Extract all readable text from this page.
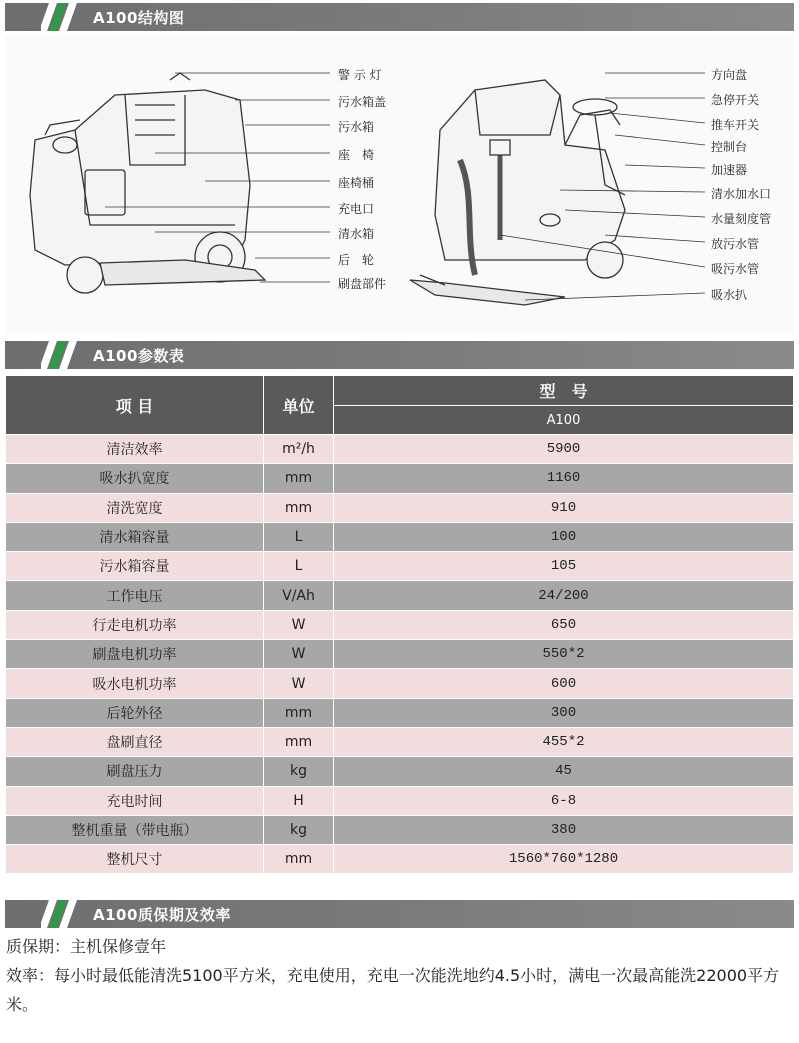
A100结构图
警 示 灯
污水箱盖
污水箱
座　椅
座椅桶
充电口
清水箱
后　轮
刷盘部件
方向盘
急停开关
推车开关
控制台
加速器
清水加水口
水量刻度管
放污水管
吸污水管
吸水扒
A100参数表
项 目	单位	型　号
		A100
清洁效率	m²/h	5900
吸水扒宽度	mm	1160
清洗宽度	mm	910
清水箱容量	L	100
污水箱容量	L	105
工作电压	V/Ah	24/200
行走电机功率	W	650
刷盘电机功率	W	550*2
吸水电机功率	W	600
后轮外径	mm	300
盘刷直径	mm	455*2
刷盘压力	kg	45
充电时间	H	6-8
整机重量（带电瓶）	kg	380
整机尺寸	mm	1560*760*1280
A100质保期及效率
质保期：主机保修壹年
效率：每小时最低能清洗5100平方米，充电使用，充电一次能洗地约4.5小时，满电一次最高能洗22000平方米。
